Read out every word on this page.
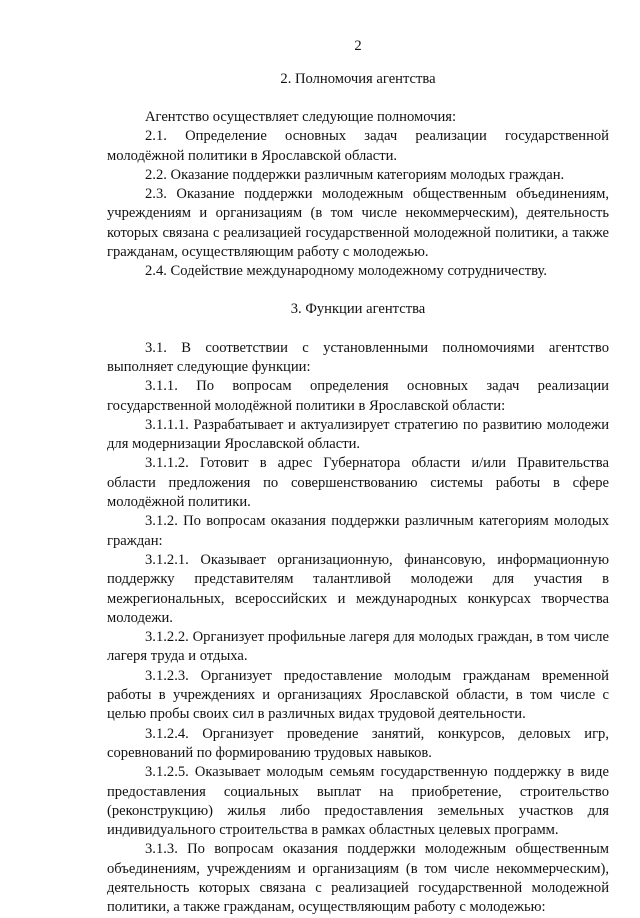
2
2. Полномочия агентства

Агентство осуществляет следующие полномочия:

2.1. Определение основных задач реализации государственной молодёжной политики в Ярославской области.

2.2. Оказание поддержки различным категориям молодых граждан.

2.3. Оказание поддержки молодежным общественным объединениям, учреждениям и организациям (в том числе некоммерческим), деятельность которых связана с реализацией государственной молодежной политики, а также гражданам, осуществляющим работу с молодежью.

2.4. Содействие международному молодежному сотрудничеству.

3. Функции агентства

3.1. В соответствии с установленными полномочиями агентство выполняет следующие функции:

3.1.1. По вопросам определения основных задач реализации государственной молодёжной политики в Ярославской области:

3.1.1.1. Разрабатывает и актуализирует стратегию по развитию молодежи для модернизации Ярославской области.

3.1.1.2. Готовит в адрес Губернатора области и/или Правительства области предложения по совершенствованию системы работы в сфере молодёжной политики.

3.1.2. По вопросам оказания поддержки различным категориям молодых граждан:

3.1.2.1. Оказывает организационную, финансовую, информационную поддержку представителям талантливой молодежи для участия в межрегиональных, всероссийских и международных конкурсах творчества молодежи.

3.1.2.2. Организует профильные лагеря для молодых граждан, в том числе лагеря труда и отдыха.

3.1.2.3. Организует предоставление молодым гражданам временной работы в учреждениях и организациях Ярославской области, в том числе с целью пробы своих сил в различных видах трудовой деятельности.

3.1.2.4. Организует проведение занятий, конкурсов, деловых игр, соревнований по формированию трудовых навыков.

3.1.2.5. Оказывает молодым семьям государственную поддержку в виде предоставления социальных выплат на приобретение, строительство (реконструкцию) жилья либо предоставления земельных участков для индивидуального строительства в рамках областных целевых программ.

3.1.3. По вопросам оказания поддержки молодежным общественным объединениям, учреждениям и организациям (в том числе некоммерческим), деятельность которых связана с реализацией государственной молодежной политики, а также гражданам, осуществляющим работу с молодежью:
